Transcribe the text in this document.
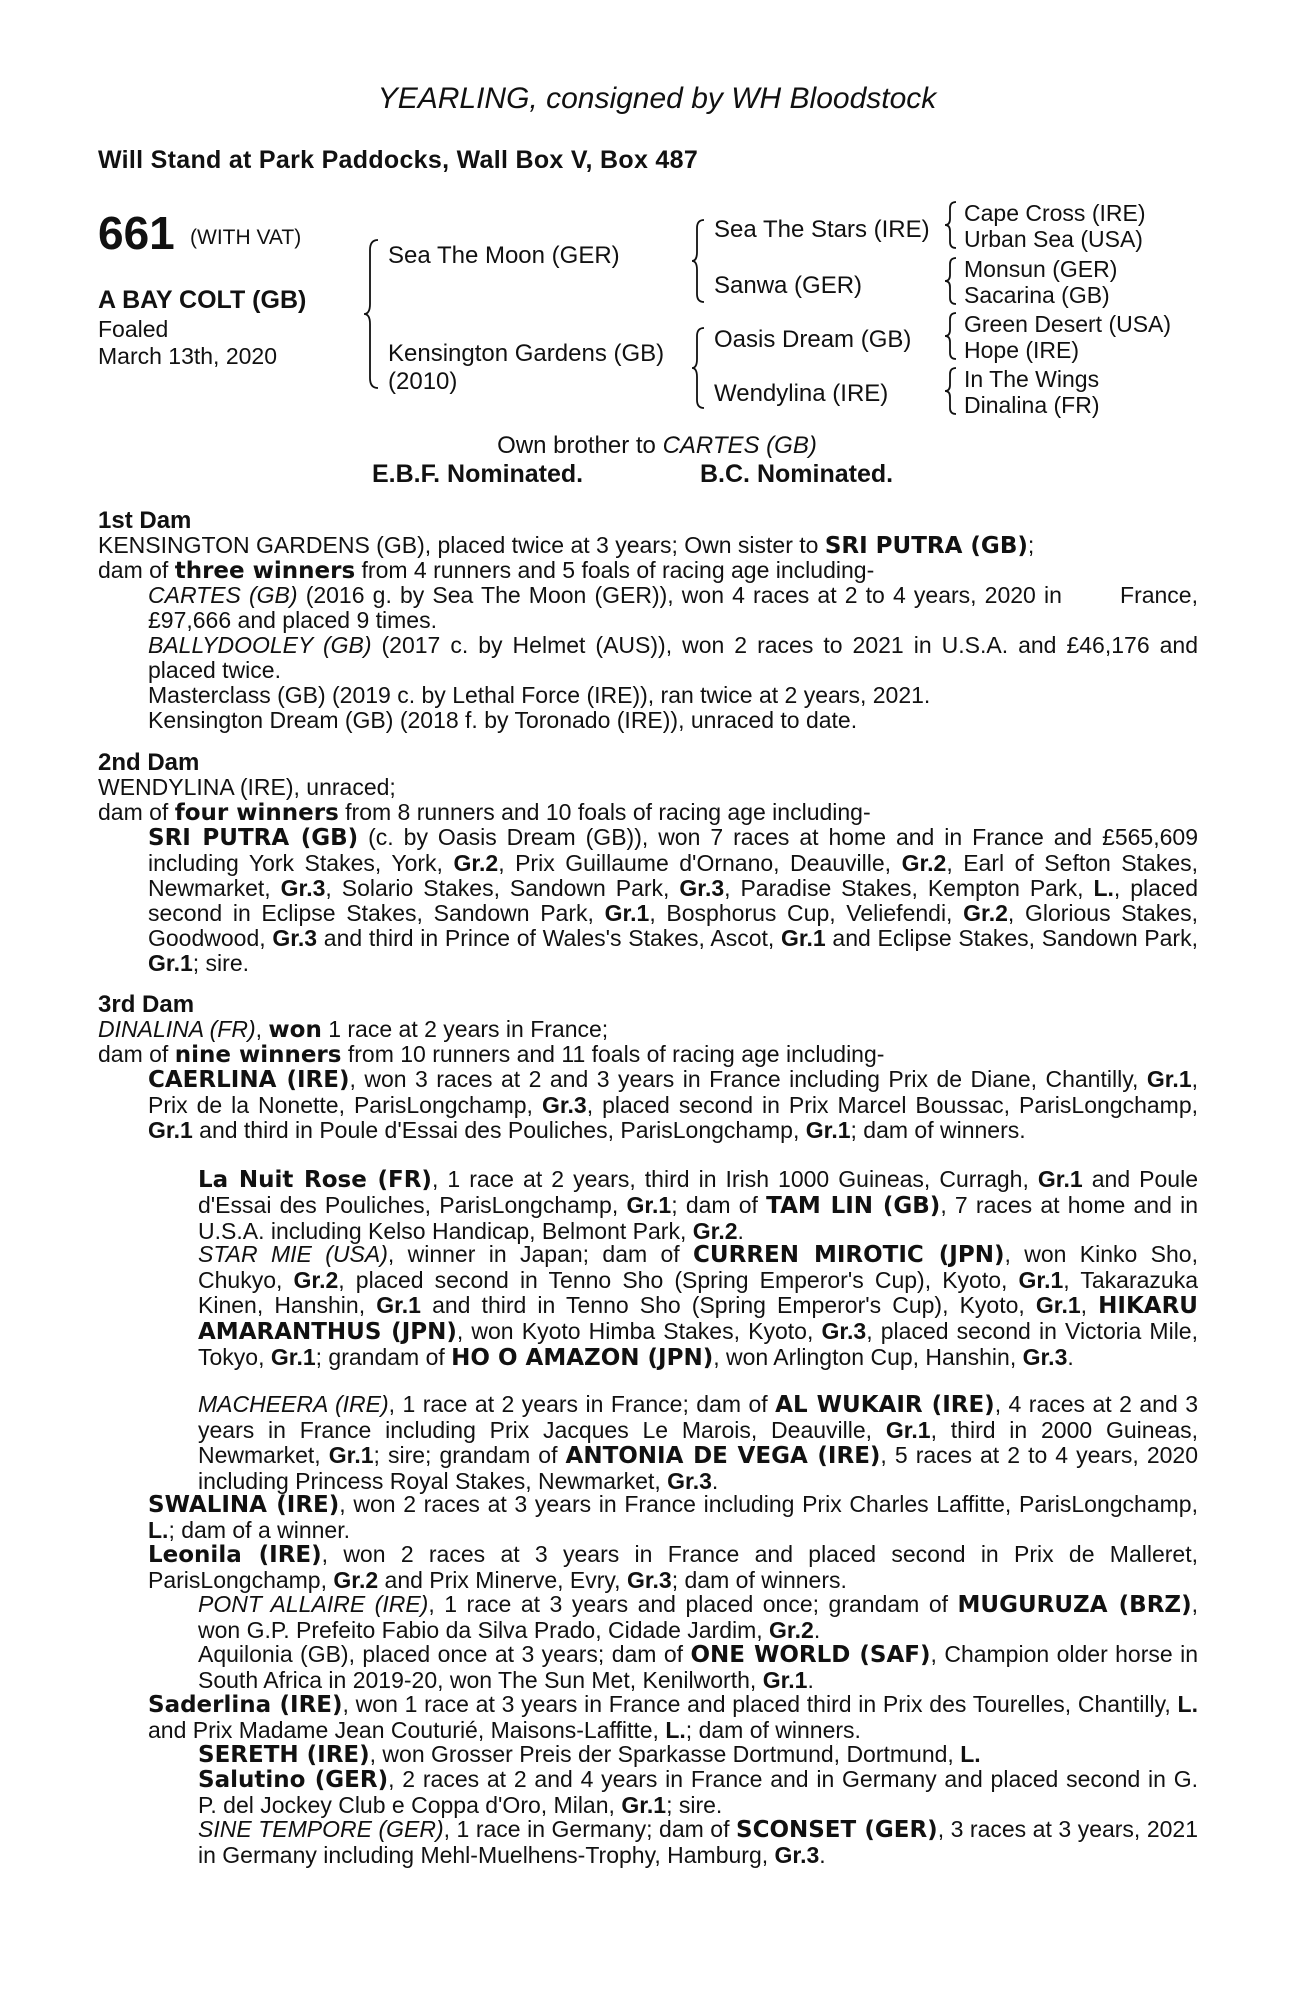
YEARLING, consigned by WH Bloodstock
Will Stand at Park Paddocks, Wall Box V, Box 487
661 (WITH VAT)
A BAY COLT (GB)
Foaled
March 13th, 2020
Sea The Moon (GER)
Kensington Gardens (GB)
(2010)
Sea The Stars (IRE)
Sanwa (GER)
Oasis Dream (GB)
Wendylina (IRE)
Cape Cross (IRE)
Urban Sea (USA)
Monsun (GER)
Sacarina (GB)
Green Desert (USA)
Hope (IRE)
In The Wings
Dinalina (FR)
Own brother to CARTES (GB)
E.B.F. Nominated.	B.C. Nominated.
1st Dam
KENSINGTON GARDENS (GB), placed twice at 3 years; Own sister to SRI PUTRA (GB);
dam of three winners from 4 runners and 5 foals of racing age including-
CARTES (GB) (2016 g. by Sea The Moon (GER)), won 4 races at 2 to 4 years, 2020 in France, £97,666 and placed 9 times.
BALLYDOOLEY (GB) (2017 c. by Helmet (AUS)), won 2 races to 2021 in U.S.A. and £46,176 and placed twice.
Masterclass (GB) (2019 c. by Lethal Force (IRE)), ran twice at 2 years, 2021.
Kensington Dream (GB) (2018 f. by Toronado (IRE)), unraced to date.
2nd Dam
WENDYLINA (IRE), unraced;
dam of four winners from 8 runners and 10 foals of racing age including-
SRI PUTRA (GB) (c. by Oasis Dream (GB)), won 7 races at home and in France and £565,609 including York Stakes, York, Gr.2, Prix Guillaume d'Ornano, Deauville, Gr.2, Earl of Sefton Stakes, Newmarket, Gr.3, Solario Stakes, Sandown Park, Gr.3, Paradise Stakes, Kempton Park, L., placed second in Eclipse Stakes, Sandown Park, Gr.1, Bosphorus Cup, Veliefendi, Gr.2, Glorious Stakes, Goodwood, Gr.3 and third in Prince of Wales's Stakes, Ascot, Gr.1 and Eclipse Stakes, Sandown Park, Gr.1; sire.
3rd Dam
DINALINA (FR), won 1 race at 2 years in France;
dam of nine winners from 10 runners and 11 foals of racing age including-
CAERLINA (IRE), won 3 races at 2 and 3 years in France including Prix de Diane, Chantilly, Gr.1, Prix de la Nonette, ParisLongchamp, Gr.3, placed second in Prix Marcel Boussac, ParisLongchamp, Gr.1 and third in Poule d'Essai des Pouliches, ParisLongchamp, Gr.1; dam of winners.
La Nuit Rose (FR), 1 race at 2 years, third in Irish 1000 Guineas, Curragh, Gr.1 and Poule d'Essai des Pouliches, ParisLongchamp, Gr.1; dam of TAM LIN (GB), 7 races at home and in U.S.A. including Kelso Handicap, Belmont Park, Gr.2.
STAR MIE (USA), winner in Japan; dam of CURREN MIROTIC (JPN), won Kinko Sho, Chukyo, Gr.2, placed second in Tenno Sho (Spring Emperor's Cup), Kyoto, Gr.1, Takarazuka Kinen, Hanshin, Gr.1 and third in Tenno Sho (Spring Emperor's Cup), Kyoto, Gr.1, HIKARU AMARANTHUS (JPN), won Kyoto Himba Stakes, Kyoto, Gr.3, placed second in Victoria Mile, Tokyo, Gr.1; grandam of HO O AMAZON (JPN), won Arlington Cup, Hanshin, Gr.3.
MACHEERA (IRE), 1 race at 2 years in France; dam of AL WUKAIR (IRE), 4 races at 2 and 3 years in France including Prix Jacques Le Marois, Deauville, Gr.1, third in 2000 Guineas, Newmarket, Gr.1; sire; grandam of ANTONIA DE VEGA (IRE), 5 races at 2 to 4 years, 2020 including Princess Royal Stakes, Newmarket, Gr.3.
SWALINA (IRE), won 2 races at 3 years in France including Prix Charles Laffitte, ParisLongchamp, L.; dam of a winner.
Leonila (IRE), won 2 races at 3 years in France and placed second in Prix de Malleret, ParisLongchamp, Gr.2 and Prix Minerve, Evry, Gr.3; dam of winners.
PONT ALLAIRE (IRE), 1 race at 3 years and placed once; grandam of MUGURUZA (BRZ), won G.P. Prefeito Fabio da Silva Prado, Cidade Jardim, Gr.2.
Aquilonia (GB), placed once at 3 years; dam of ONE WORLD (SAF), Champion older horse in South Africa in 2019-20, won The Sun Met, Kenilworth, Gr.1.
Saderlina (IRE), won 1 race at 3 years in France and placed third in Prix des Tourelles, Chantilly, L. and Prix Madame Jean Couturié, Maisons-Laffitte, L.; dam of winners.
SERETH (IRE), won Grosser Preis der Sparkasse Dortmund, Dortmund, L.
Salutino (GER), 2 races at 2 and 4 years in France and in Germany and placed second in G. P. del Jockey Club e Coppa d'Oro, Milan, Gr.1; sire.
SINE TEMPORE (GER), 1 race in Germany; dam of SCONSET (GER), 3 races at 3 years, 2021 in Germany including Mehl-Muelhens-Trophy, Hamburg, Gr.3.
